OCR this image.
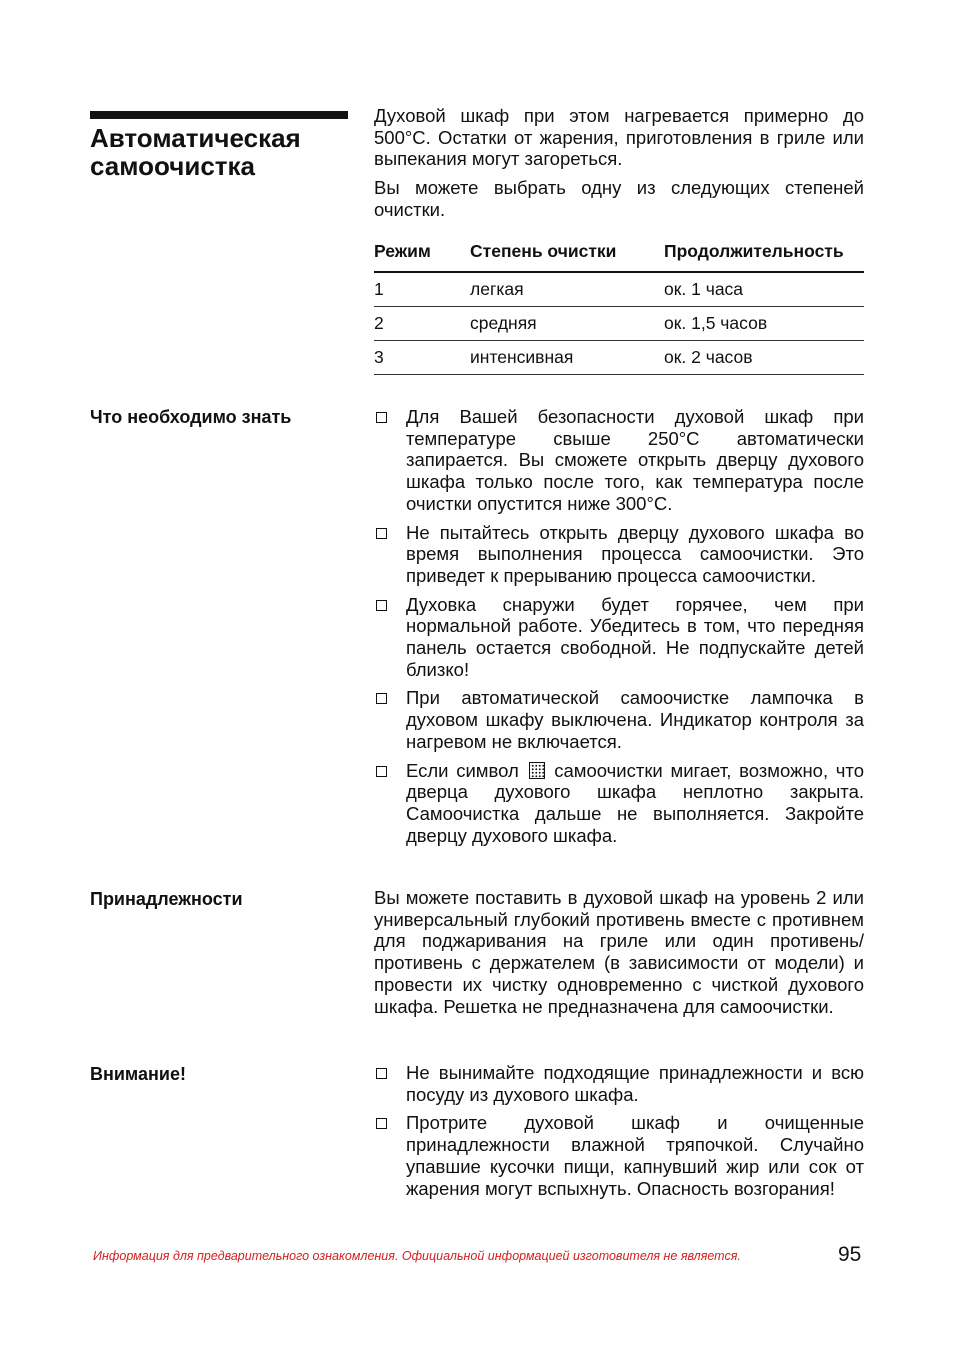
Автоматическая самоочистка

Духовой шкаф при этом нагревается примерно до 500°C. Остатки от жарения, приготовления в гриле или выпекания могут загореться.

Вы можете выбрать одну из следующих степеней очистки.

Режим	Степень очистки	Продолжительность
1	легкая	ок. 1 часа
2	средняя	ок. 1,5 часов
3	интенсивная	ок. 2 часов
Что необходимо знать	Для Вашей безопасности духовой шкаф при температуре свыше 250°C автоматически запирается. Вы сможете открыть дверцу духового шкафа только после того, как температура после очистки опустится ниже 300°C.
Не пытайтесь открыть дверцу духового шкафа во время выполнения процесса самоочистки. Это приведет к прерыванию процесса самоочистки.
Духовка снаружи будет горячее, чем при нормальной работе. Убедитесь в том, что передняя панель остается свободной. Не подпускайте детей близко!
При автоматической самоочистке лампочка в духовом шкафу выключена. Индикатор контроля за нагревом не включается.
Если символ самоочистки мигает, возможно, что дверца духового шкафа неплотно закрыта. Самоочистка дальше не выполняется. Закройте дверцу духового шкафа.
Принадлежности	Вы можете поставить в духовой шкаф на уровень 2 или универсальный глубокий противень вместе с противнем для поджаривания на гриле или один противень/противень с держателем (в зависимости от модели) и провести их чистку одновременно с чисткой духового шкафа. Решетка не предназначена для самоочистки.

Внимание!	Не вынимайте подходящие принадлежности и всю посуду из духового шкафа.
Протрите духовой шкаф и очищенные принадлежности влажной тряпочкой. Случайно упавшие кусочки пищи, капнувший жир или сок от жарения могут вспыхнуть. Опасность возгорания!
Информация для предварительного ознакомления. Официальной информацией изготовителя не является.	95
